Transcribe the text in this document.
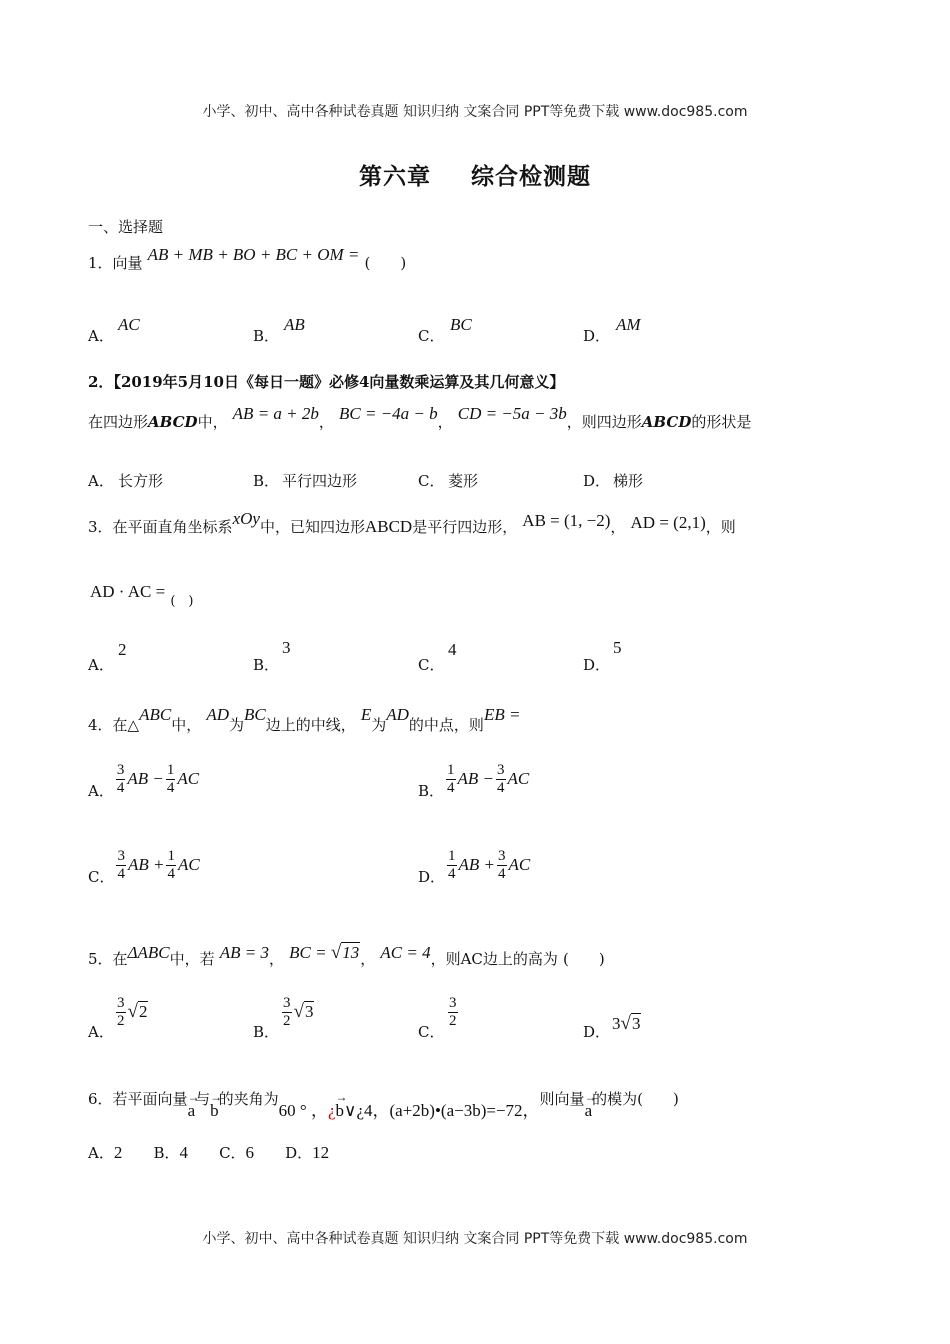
小学、初中、高中各种试卷真题 知识归纳 文案合同 PPT等免费下载 www.doc985.com
第六章 综合检测题
一、选择题
1．向量 AB + MB + BO + BC + OM = (　　)
A．
AC
B．
AB
C．
BC
D．
AM
2．【2019年5月10日《每日一题》必修4向量数乘运算及其几何意义】
在四边形ABCD中， AB = a + 2b， BC = −4a − b， CD = −5a − 3b，则四边形ABCD的形状是
A． 长方形	B． 平行四边形	C． 菱形	D． 梯形
3．在平面直角坐标系xOy中，已知四边形ABCD是平行四边形， AB = (1, −2)， AD = (2,1)，则
AD · AC = $_{( )}$
A．
2
B．
3
C．
4
D．
5
4．在△ABC中， AD为BC边上的中线， E为AD的中点，则EB =
A． $\frac{3}{4}$ AB − $\frac{1}{4}$ AC
B． $\frac{1}{4}$ AB − $\frac{3}{4}$ AC
C． $\frac{3}{4}$ AB + $\frac{1}{4}$ AC
D． $\frac{1}{4}$ AB + $\frac{3}{4}$ AC
5．在ΔABC中，若 AB = 3， BC = √13， AC = 4，则AC边上的高为 (　　)
A．
$\frac{3}{2} √2$
B．
$\frac{3}{2} √3$
C．
$\frac{3}{2}$
D． 3√3
6．若平面向量→ a与→ b的夹角为60 ° ，¿→ b∨¿4，(a+2b)•(a−3b)=−72，则向量→ a的模为(　　)
A．2 B．4 C．6 D．12
小学、初中、高中各种试卷真题 知识归纳 文案合同 PPT等免费下载 www.doc985.com
